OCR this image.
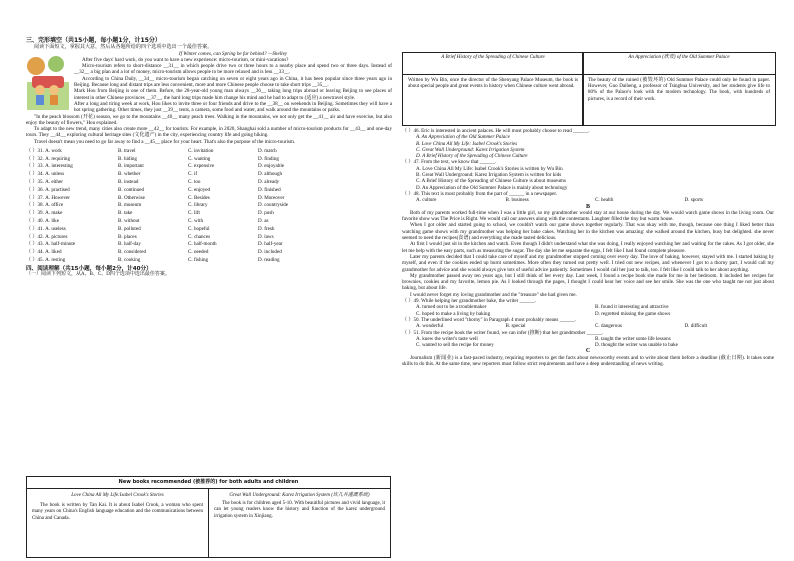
三、完形填空（共15小题，每小题1分，计15分）

阅读下面短文，掌握其大意，然后从各题所给的四个选项中选出一个最佳答案。

If Winter comes, can Spring be far behind? —Shelley

After five days' hard work, do you want to have a new experience: micro-tourism, or mini-vacations?

Micro-tourism refers to short-distance __31__ in which people drive two or three hours to a nearby place and spend two or three days. Instead of __32__ a big plan and a lot of money, micro-tourism allows people to be more relaxed and is less __33__.

According to China Daily, __34__ micro-tourism began catching on seven or eight years ago in China, it has been popular since three years ago in Beijing. Because long and distant trips are less convenient, more and more Chinese people choose to take short trips __35__.

Mark Hou from Beijing is one of them. Before, the 28-year-old young man always __36__ taking long trips abroad or leaving Beijing to see places of interest in other Chinese provinces __37__, the hard long trips made him change his mind and he had to adapt to (适应) a newtravel style.

After a long and tiring week at work, Hou likes to invite three or four friends and drive to the __38__ on weekends in Beijing. Sometimes they will have a hot spring gathering. Other times, they just __39__ tents, a camera, some food and water, and walk around the mountains or parks.

"In the peach blossom (开花) season, we go to the mountains __40__ many peach trees. Walking in the mountains, we not only get the __41__ air and have exercise, but also enjoy the beauty of flowers," Hou explained.

To adapt to the new trend, many cities also create more __42__ for tourists. For example, in 2020, Shanghai sold a number of micro-tourism products for __43__ and one-day tours. They __44__ exploring cultural heritage sites (文化遗产) in the city, experiencing country life and going hiking.

Travel doesn't mean you need to go far away to find a __45__ place for your heart. That's also the purpose of the micro-tourism.

（ ）31. A. work	B. travel	C. invitation	D. match
（ ）32. A. requiring	B. hiding	C. wanting	D. finding
（ ）33. A. interesting	B. important	C. expensive	D. enjoyable
（ ）34. A. unless	B. whether	C. if	D. although
（ ）35. A. either	B. instead	C. too	D. already
（ ）36. A. practised	B. continued	C. enjoyed	D. finished
（ ）37. A. However	B. Otherwise	C. Besides	D. Moreover
（ ）38. A. office	B. museum	C. library	D. countryside
（ ）39. A. make	B. take	C. lift	D. push
（ ）40. A. like	B. without	C. with	D. as
（ ）41. A. useless	B. polluted	C. hopeful	D. fresh
（ ）42. A. pictures	B. places	C. chances	D. laws
（ ）43. A. half-minute	B. half-day	C. half-month	D. half-year
（ ）44. A. liked	B. considered	C. needed	D. included
（ ）45. A. resting	B. cooking	C. fishing	D. reading
四、阅读理解（共15小题，每小题2分，计40分）
（一）阅读下列短文，从A、B、C、D四个选项中选出最佳答案。
New books recommended (被推荐的) for both adults and children
Love China All My Life:Isabel Crook's Stories
The book is written by Tan Kai. It is about Isabel Crook, a woman who spent many years on China's English language education and the communications between China and Canada.
Great Wall Underground: Karez Irrigation System (坎儿井灌溉系统)
The book is for children aged 5-10. With beautiful pictures and vivid language, it can let young readers know the history and function of the karez underground irrigation system in Xinjiang.
A Brief History of the Spreading of Chinese Culture
Written by Wu Bin, once the director of the Shenyang Palace Museum, the book is about special people and great events in history when Chinese culture went abroad.
An Appreciation (欣赏) of the Old Summer Palace
The beauty of the ruined (被毁坏的) Old Summer Palace could only be found in paper. However, Guo Daiheng, a professor of Tsinghua University, and her students give life to 80% of the Palace's look with the modern technology. The book, with hundreds of pictures, is a record of their work.
（ ）46. Eric is interested in ancient palaces. He will most probably choose to read ______.
A. An Appreciation of the Old Summer Palace
B. Love China All My Life: Isabel Crook's Stories
C. Great Wall Underground: Karez Irrigation System
D. A Brief History of the Spreading of Chinese Culture
（ ）47. From the text, we know that ______.
A. Love China All My Life: Isabel Crook's Stories is written by Wu Bin
B. Great Wall Underground: Karez Irrigation System is written for kids
C. A Brief History of the Spreading of Chinese Culture is about museums
D. An Appreciation of the Old Summer Palace is mainly about technology
（ ）48. This text is most probably from the part of ______ in a newspaper.
A. culture	B. business	C. health	D. sports
B

Both of my parents worked full-time when I was a little girl, so my grandmother would stay at our house during the day. We would watch game shows in the living room. Our favorite show was The Price is Right. We would call our answers along with the contestants. Laughter filled the tiny but warm house.

When I got older and started going to school, we couldn't watch our game shows together regularly. That was okay with me, though, because one thing I liked better than watching game shows with my grandmother was helping her bake cakes. Watching her in the kitchen was amazing: she walked around the kitchen, busy but delighted. she never seemed to need the recipes(食谱) and everything she made tasted delicious.

At first I would just sit in the kitchen and watch. Even though I didn't understand what she was doing, I really enjoyed watching her and waiting for the cakes. As I got older, she let me help with the easy parts, such as measuring the sugar. The day she let me separate the eggs, I felt like I had found complete pleasure.

Later my parents decided that I could take care of myself and my grandmother stopped coming over every day. The love of baking, however, stayed with me. I started baking by myself, and even if the cookies ended up burnt sometimes. More often they turned out pretty well. I tried out new recipes, and whenever I got to a thorny part, I would call my grandmother for advice and she would always give lots of useful advice patiently. Sometimes I would call her just to talk, too. I felt like I could talk to her about anything.

My grandmother passed away ten years ago, but I still think of her every day. Last week, I found a recipe book she made for me in her bedroom. It included her recipes for brownies, cookies and my favorite, lemon pie. As I looked through the pages, I thought I could hear her voice and see her smile. She was the one who taught me not just about baking, but about life.

I would never forget my loving grandmother and the "treasure" she had given me.

（ ）49. While helping her grandmother bake, the writer ______.
A. turned out to be a troublemaker	B. found it interesting and attractive
C. hoped to make a living by baking	D. regretted missing the game shows
（ ）50. The underlined word "thorny" in Paragraph 4 most probably means ______.
A. wonderful	B. special	C. dangerous	D. difficult
（ ）51. From the recipe book the writer found, we can infer (推断) that her grandmother ______.
A. knew the writer's taste well	B. taught the writer some life lessons
C. wanted to sell the recipe for money	D. thought the writer was unable to bake
C

Journalism (新闻业) is a fast-paced industry, requiring reporters to get the facts about newsworthy events and to write about them before a deadline (截止日期). It takes some skills to do this. At the same time, new reporters must follow strict requirements and have a deep understanding of news writing.
